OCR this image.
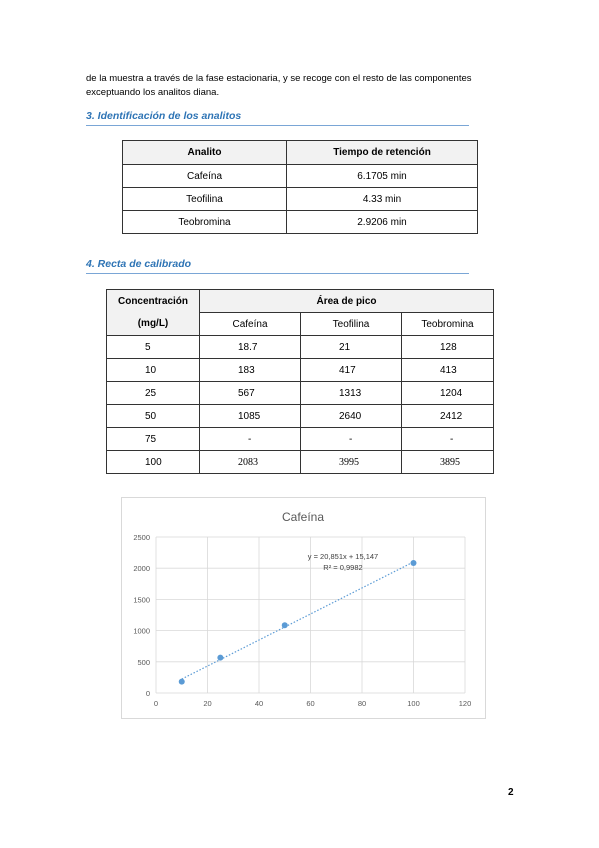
de la muestra a través de la fase estacionaria, y se recoge con el resto de las componentes
exceptuando los analitos diana.
3. Identificación de los analitos
Analito	Tiempo de retención
Cafeína	6.1705 min
Teofilina	4.33 min
Teobromina	2.9206 min
4. Recta de calibrado
Concentración
(mg/L)	Área de pico		
	Cafeína	Teofilina	Teobromina
5	18.7	21	128
10	183	417	413
25	567	1313	1204
50	1085	2640	2412
75	-	-	-
100	2083	3995	3895
Cafeína
0
500
1000
1500
2000
2500
0	20	40	60	80	100	120
y = 20,851x + 15,147
R² = 0,9982
2
